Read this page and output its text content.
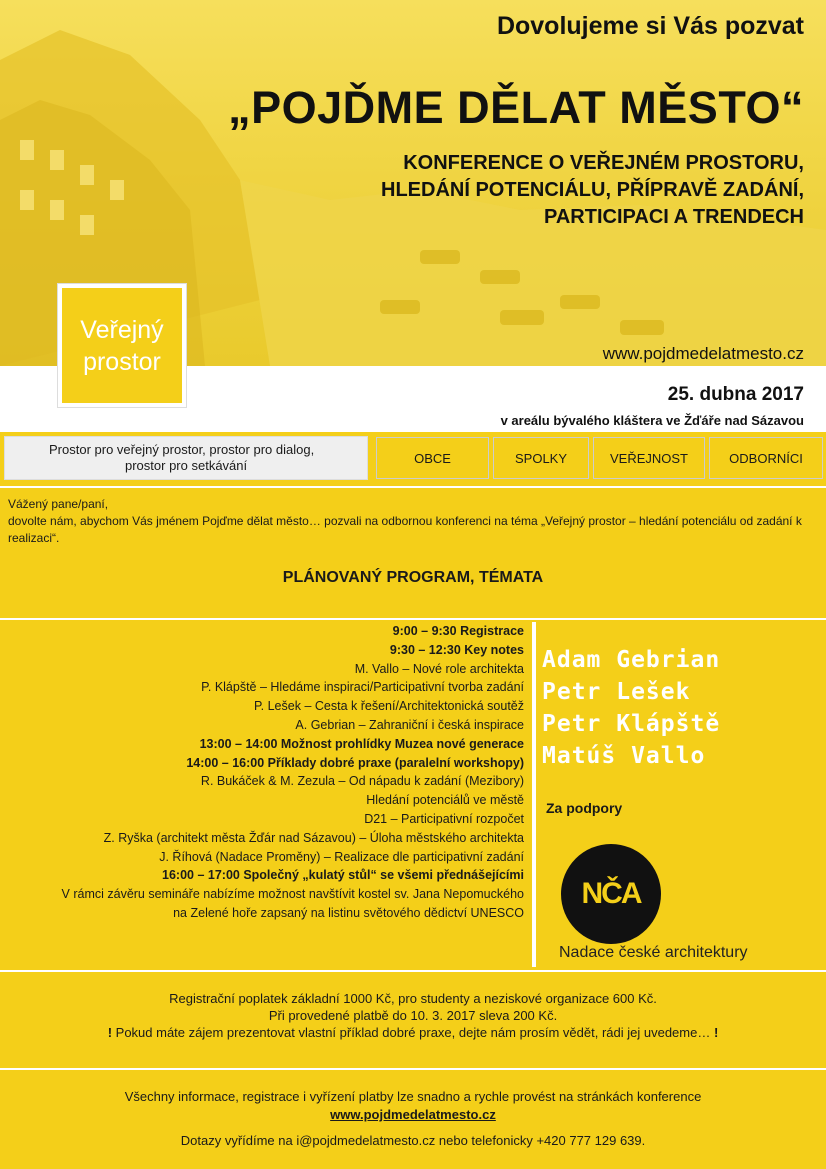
Dovolujeme si Vás pozvat
„POJĎME DĚLAT MĚSTO“
KONFERENCE O VEŘEJNÉM PROSTORU,
HLEDÁNÍ POTENCIÁLU, PŘÍPRAVĚ ZADÁNÍ,
PARTICIPACI A TRENDECH
www.pojdmedelatmesto.cz
Veřejný
prostor
25. dubna 2017
v areálu bývalého kláštera ve Žďáře nad Sázavou
Prostor pro veřejný prostor, prostor pro dialog,
prostor pro setkávání	OBCE	SPOLKY	VEŘEJNOST	ODBORNÍCI
Vážený pane/paní,
dovolte nám, abychom Vás jménem Pojďme dělat město… pozvali na odbornou konferenci na téma „Veřejný prostor – hledání potenciálu od zadání k realizaci“.
PLÁNOVANÝ PROGRAM, TÉMATA
9:00 – 9:30 Registrace
9:30 – 12:30 Key notes
M. Vallo – Nové role architekta
P. Klápště – Hledáme inspiraci/Participativní tvorba zadání
P. Lešek – Cesta k řešení/Architektonická soutěž
A. Gebrian – Zahraniční i česká inspirace
13:00 – 14:00 Možnost prohlídky Muzea nové generace
14:00 – 16:00 Příklady dobré praxe (paralelní workshopy)
R. Bukáček & M. Zezula – Od nápadu k zadání (Mezibory)
Hledání potenciálů ve městě
D21 – Participativní rozpočet
Z. Ryška (architekt města Žďár nad Sázavou) – Úloha městského architekta
J. Říhová (Nadace Proměny) – Realizace dle participativní zadání
16:00 – 17:00 Společný „kulatý stůl“ se všemi přednášejícími
V rámci závěru semináře nabízíme možnost navštívit kostel sv. Jana Nepomuckého
na Zelené hoře zapsaný na listinu světového dědictví UNESCO
Adam Gebrian
Petr Lešek
Petr Klápště
Matúš Vallo
Za podpory
NČA
Nadace české architektury
Registrační poplatek základní 1000 Kč, pro studenty a neziskové organizace 600 Kč.
Při provedené platbě do 10. 3. 2017 sleva 200 Kč.
! Pokud máte zájem prezentovat vlastní příklad dobré praxe, dejte nám prosím vědět, rádi jej uvedeme… !
Všechny informace, registrace i vyřízení platby lze snadno a rychle provést na stránkách konference
www.pojdmedelatmesto.cz
Dotazy vyřídíme na i@pojdmedelatmesto.cz nebo telefonicky +420 777 129 639.
